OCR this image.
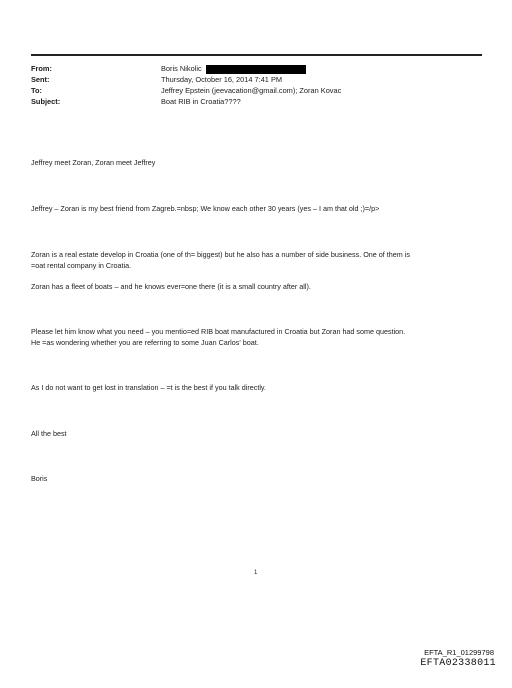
From:	Boris Nikolic
Sent:	Thursday, October 16, 2014 7:41 PM
To:	Jeffrey Epstein (jeevacation@gmail.com); Zoran Kovac
Subject:	Boat RIB in Croatia????

Jeffrey meet Zoran, Zoran meet Jeffrey

Jeffrey – Zoran is my best friend from Zagreb.=nbsp; We know each other 30 years (yes – I am that old ;)=/p>

Zoran is a real estate develop in Croatia (one of th= biggest) but he also has a number of side business. One of them is

=oat rental company in Croatia.

Zoran has a fleet of boats – and he knows ever=one there (it is a small country after all).

Please let him know what you need – you mentio=ed RIB boat manufactured in Croatia but Zoran had some question.

He =as wondering whether you are referring to some Juan Carlos' boat.

As I do not want to get lost in translation – =t is the best if you talk directly.

All the best

Boris

1
EFTA_R1_01299798
EFTA02338011
